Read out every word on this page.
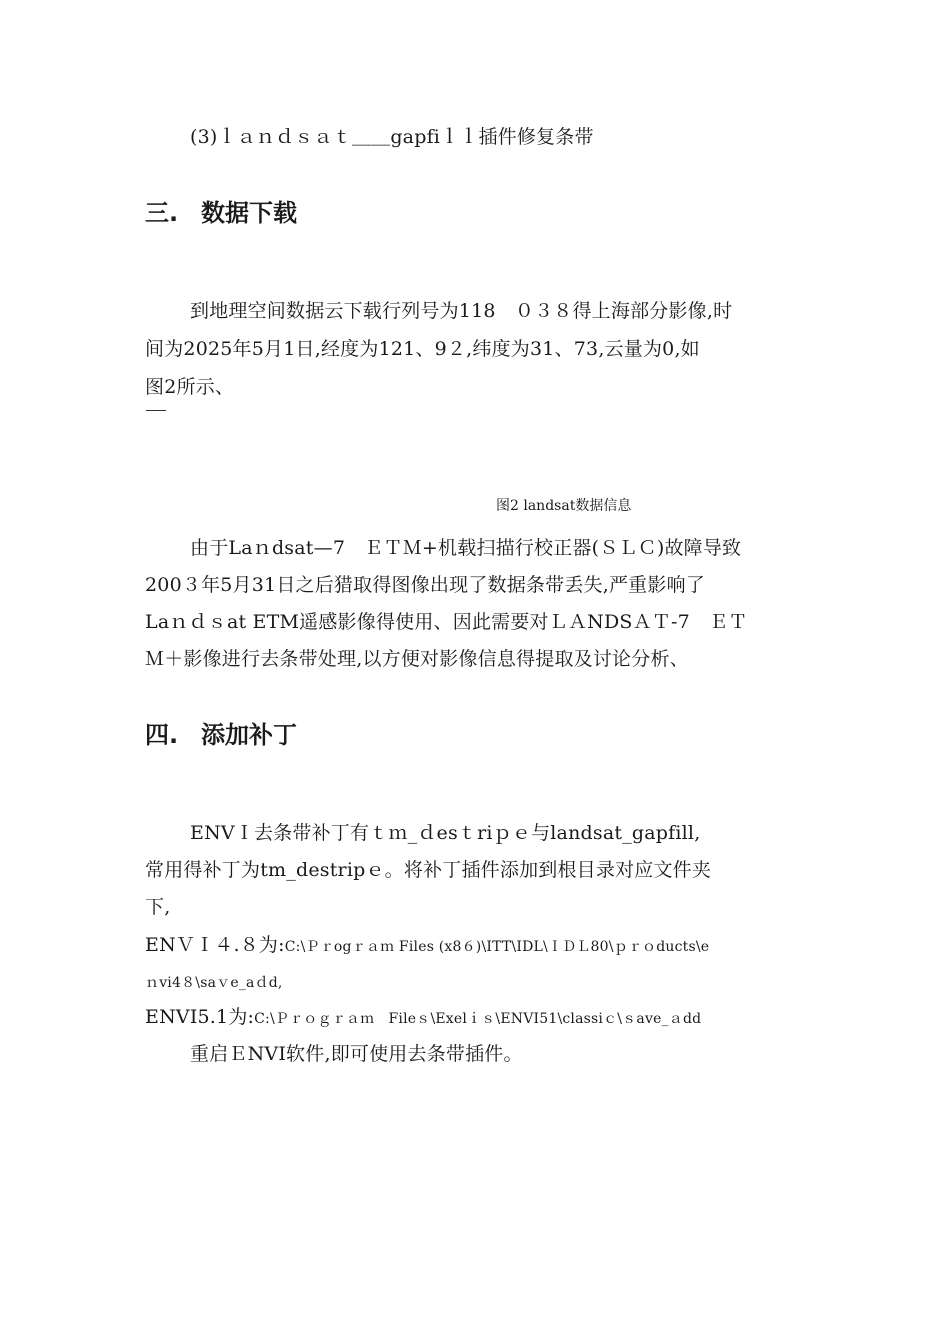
(3)ｌａｎｄｓａｔ＿＿gapfiｌｌ插件修复条带
三. 数据下载
到地理空间数据云下载行列号为118　０３８得上海部分影像,时
间为2025年5月1日,经度为121、9２,纬度为31、73,云量为0,如
图2所示、
图2 landsat数据信息
由于Laｎdsat—7　ＥＴＭ+机载扫描行校正器(ＳＬＣ)故障导致
200３年5月31日之后猎取得图像出现了数据条带丢失,严重影响了
Laｎｄｓat ETM遥感影像得使用、因此需要对ＬＡNDSＡＴ-7　ＥＴ
Ｍ＋影像进行去条带处理,以方便对影像信息得提取及讨论分析、
四. 添加补丁
ENVＩ去条带补丁有ｔｍ_ｄesｔriｐｅ与landsat_gapfill,
常用得补丁为tm_destripｅ。将补丁插件添加到根目录对应文件夹
下,
ENＶＩ４.８为:C:\Ｐｒogｒａｍ Files (x8６)\ITT\IDL\ＩＤＬ80\ｐｒｏducts\e
ｎvi4８\saｖe_aｄd,
ENVI5.1为:C:\Ｐｒｏｇｒａｍ　Fileｓ\Exelｉｓ\ENVI51\classiｃ\ｓave_ａdd
重启ＥNVI软件,即可使用去条带插件。
